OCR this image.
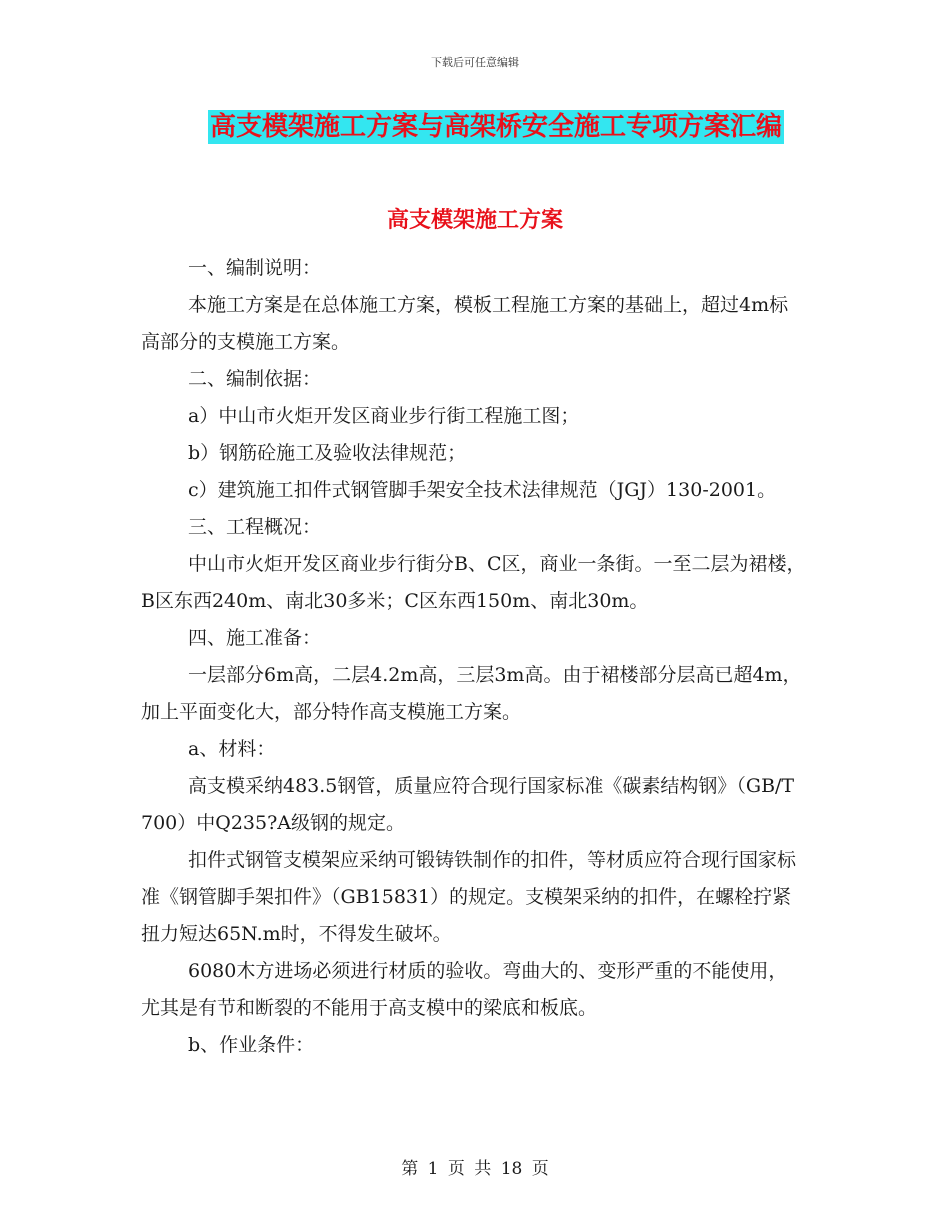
下载后可任意编辑
高支模架施工方案与高架桥安全施工专项方案汇编
高支模架施工方案

一、编制说明：

本施工方案是在总体施工方案，模板工程施工方案的基础上，超过4m标高部分的支模施工方案。

二、编制依据：

a）中山市火炬开发区商业步行街工程施工图；

b）钢筋砼施工及验收法律规范；

c）建筑施工扣件式钢管脚手架安全技术法律规范（JGJ）130-2001。

三、工程概况：

中山市火炬开发区商业步行街分B、C区，商业一条街。一至二层为裙楼，B区东西240m、南北30多米；C区东西150m、南北30m。

四、施工准备：

一层部分6m高，二层4.2m高，三层3m高。由于裙楼部分层高已超4m，加上平面变化大，部分特作高支模施工方案。

a、材料：

高支模采纳483.5钢管，质量应符合现行国家标准《碳素结构钢》（GB/T700）中Q235?A级钢的规定。

扣件式钢管支模架应采纳可锻铸铁制作的扣件，等材质应符合现行国家标准《钢管脚手架扣件》（GB15831）的规定。支模架采纳的扣件，在螺栓拧紧扭力短达65N.m时，不得发生破坏。

6080木方进场必须进行材质的验收。弯曲大的、变形严重的不能使用，尤其是有节和断裂的不能用于高支模中的梁底和板底。

b、作业条件：

第 1 页 共 18 页
